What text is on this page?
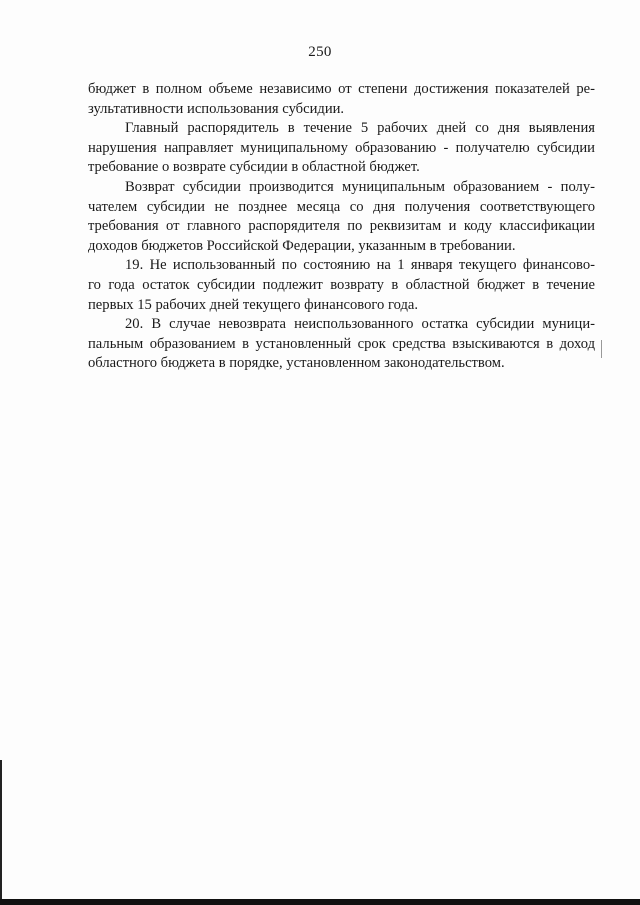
250
бюджет в полном объеме независимо от степени достижения показателей ре-
зультативности использования субсидии.
Главный распорядитель в течение 5 рабочих дней со дня выявления
нарушения направляет муниципальному образованию - получателю субсидии
требование о возврате субсидии в областной бюджет.
Возврат субсидии производится муниципальным образованием - полу-
чателем субсидии не позднее месяца со дня получения соответствующего
требования от главного распорядителя по реквизитам и коду классификации
доходов бюджетов Российской Федерации, указанным в требовании.
19. Не использованный по состоянию на 1 января текущего финансово-
го года остаток субсидии подлежит возврату в областной бюджет в течение
первых 15 рабочих дней текущего финансового года.
20. В случае невозврата неиспользованного остатка субсидии муници-
пальным образованием в установленный срок средства взыскиваются в доход
областного бюджета в порядке, установленном законодательством.
